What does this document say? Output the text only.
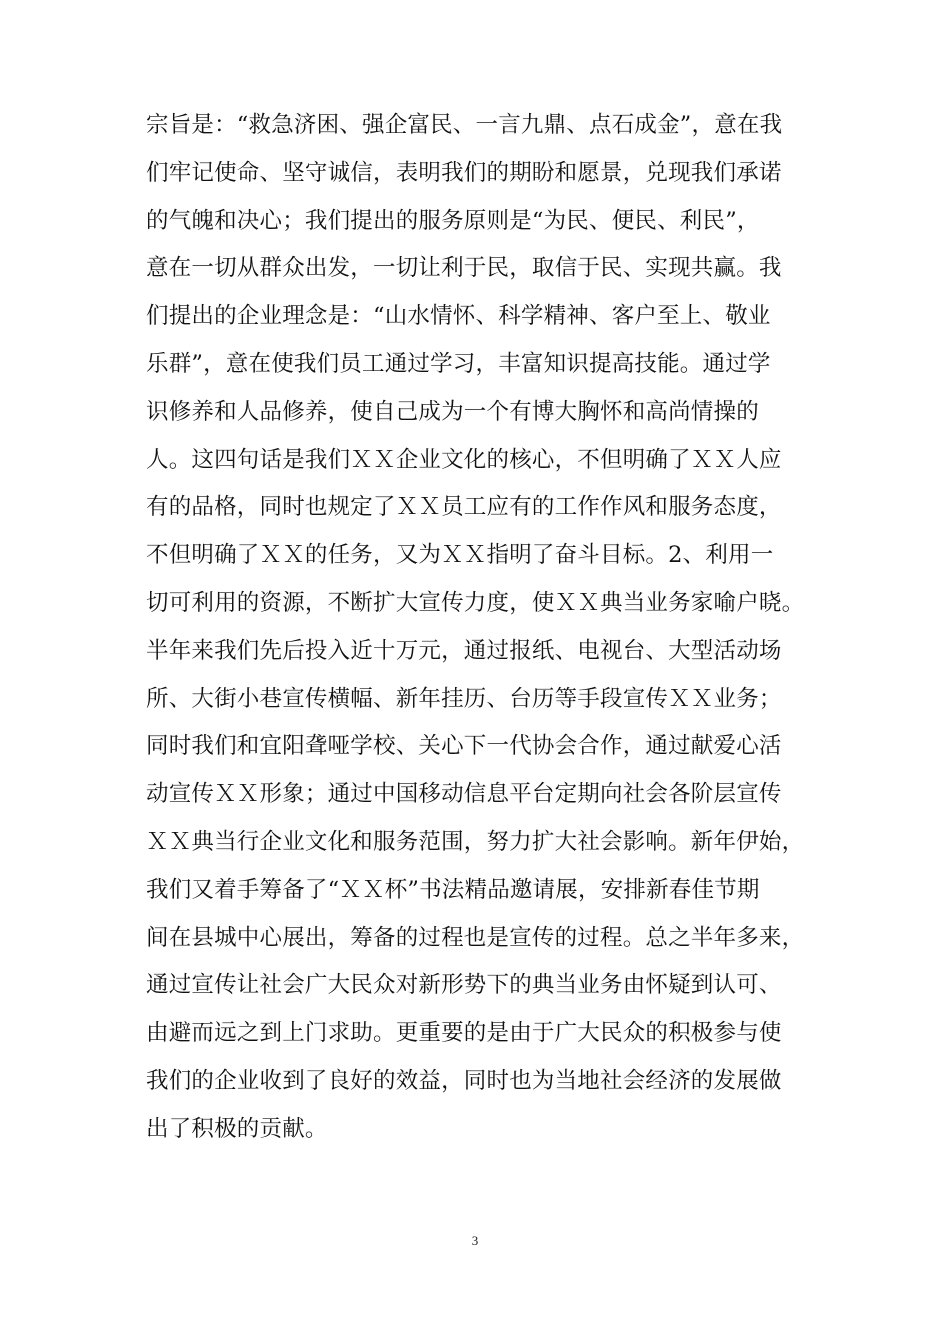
宗旨是：“救急济困、强企富民、一言九鼎、点石成金”，意在我
们牢记使命、坚守诚信，表明我们的期盼和愿景，兑现我们承诺
的气魄和决心；我们提出的服务原则是“为民、便民、利民”，
意在一切从群众出发，一切让利于民，取信于民、实现共赢。我
们提出的企业理念是：“山水情怀、科学精神、客户至上、敬业
乐群”，意在使我们员工通过学习，丰富知识提高技能。通过学
识修养和人品修养，使自己成为一个有博大胸怀和高尚情操的
人。这四句话是我们ＸＸ企业文化的核心，不但明确了ＸＸ人应
有的品格，同时也规定了ＸＸ员工应有的工作作风和服务态度，
不但明确了ＸＸ的任务，又为ＸＸ指明了奋斗目标。2、利用一
切可利用的资源，不断扩大宣传力度，使ＸＸ典当业务家喻户晓。
半年来我们先后投入近十万元，通过报纸、电视台、大型活动场
所、大街小巷宣传横幅、新年挂历、台历等手段宣传ＸＸ业务；
同时我们和宜阳聋哑学校、关心下一代协会合作，通过献爱心活
动宣传ＸＸ形象；通过中国移动信息平台定期向社会各阶层宣传
ＸＸ典当行企业文化和服务范围，努力扩大社会影响。新年伊始，
我们又着手筹备了“ＸＸ杯”书法精品邀请展，安排新春佳节期
间在县城中心展出，筹备的过程也是宣传的过程。总之半年多来，
通过宣传让社会广大民众对新形势下的典当业务由怀疑到认可、
由避而远之到上门求助。更重要的是由于广大民众的积极参与使
我们的企业收到了良好的效益，同时也为当地社会经济的发展做
出了积极的贡献。
3
